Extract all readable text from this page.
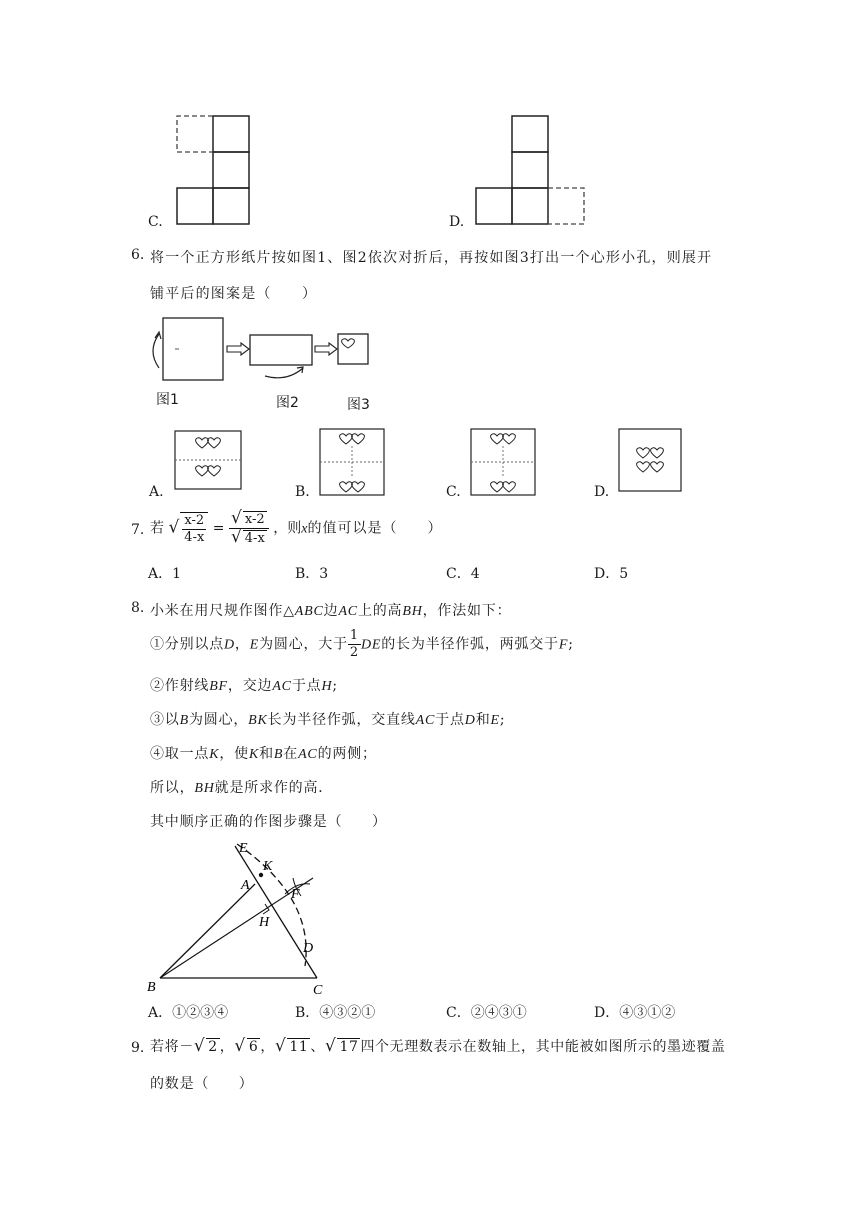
C.	D.
6. 将一个正方形纸片按如图1、图2依次对折后，再按如图3打出一个心形小孔，则展开
铺平后的图案是（　　）
图1	图2	图3
A.	B.	C.	D.
7. 若 √ $\frac{x-2}{4-x} = \frac{√ x-2}{√ 4-x}$ ，则x的值可以是（　　）
A．1	B．3	C．4	D．5
8. 小米在用尺规作图作△ABC边AC上的高BH，作法如下：
①分别以点D，E为圆心，大于 $\frac{1}{2}$ DE的长为半径作弧，两弧交于F;
②作射线BF，交边AC于点H;
③以B为圆心，BK长为半径作弧，交直线AC于点D和E;
④取一点K，使K和B在AC的两侧；
所以，BH就是所求作的高．
其中顺序正确的作图步骤是（　　）
E
K
A
F
H
D
B	C
A．①②③④	B．④③②①	C．②④③①	D．④③①②
9. 若将－√ 2 ，√ 6 ，√ 11 、√ 17 四个无理数表示在数轴上，其中能被如图所示的墨迹覆盖
的数是（　　）
